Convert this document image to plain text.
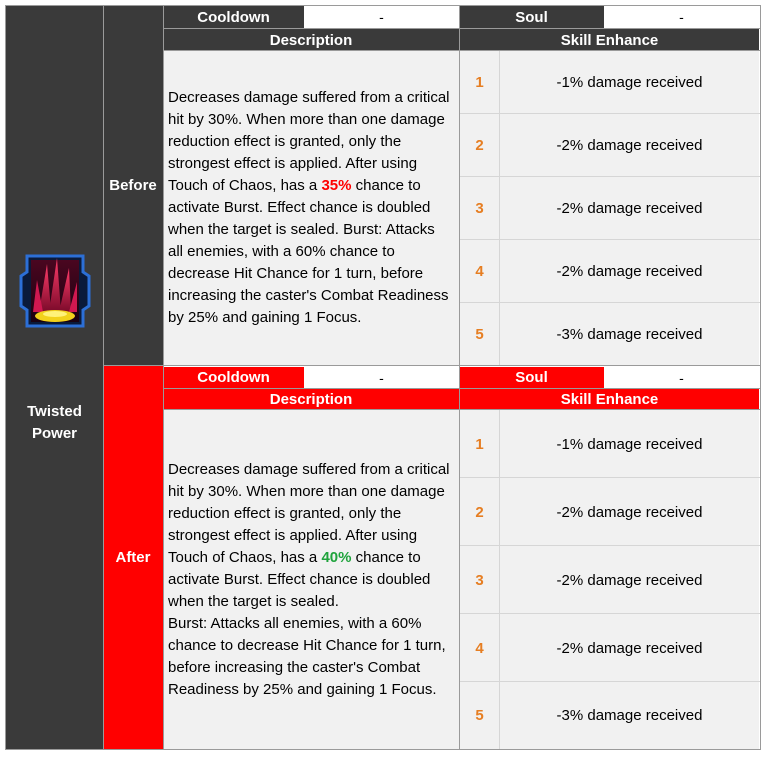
Twisted
Power
Before
Cooldown	-	Soul	-
Description	Skill Enhance
Decreases damage suffered from a critical hit by 30%. When more than one damage reduction effect is granted, only the strongest effect is applied. After using Touch of Chaos, has a 35% chance to activate Burst. Effect chance is doubled when the target is sealed. Burst: Attacks all enemies, with a 60% chance to decrease Hit Chance for 1 turn, before increasing the caster's Combat Readiness by 25% and gaining 1 Focus.
1	-1% damage received
2	-2% damage received
3	-2% damage received
4	-2% damage received
5	-3% damage received
After
Cooldown	-	Soul	-
Description	Skill Enhance
Decreases damage suffered from a critical hit by 30%. When more than one damage reduction effect is granted, only the strongest effect is applied. After using Touch of Chaos, has a 40% chance to activate Burst. Effect chance is doubled when the target is sealed.
Burst: Attacks all enemies, with a 60% chance to decrease Hit Chance for 1 turn, before increasing the caster's Combat Readiness by 25% and gaining 1 Focus.
1	-1% damage received
2	-2% damage received
3	-2% damage received
4	-2% damage received
5	-3% damage received
